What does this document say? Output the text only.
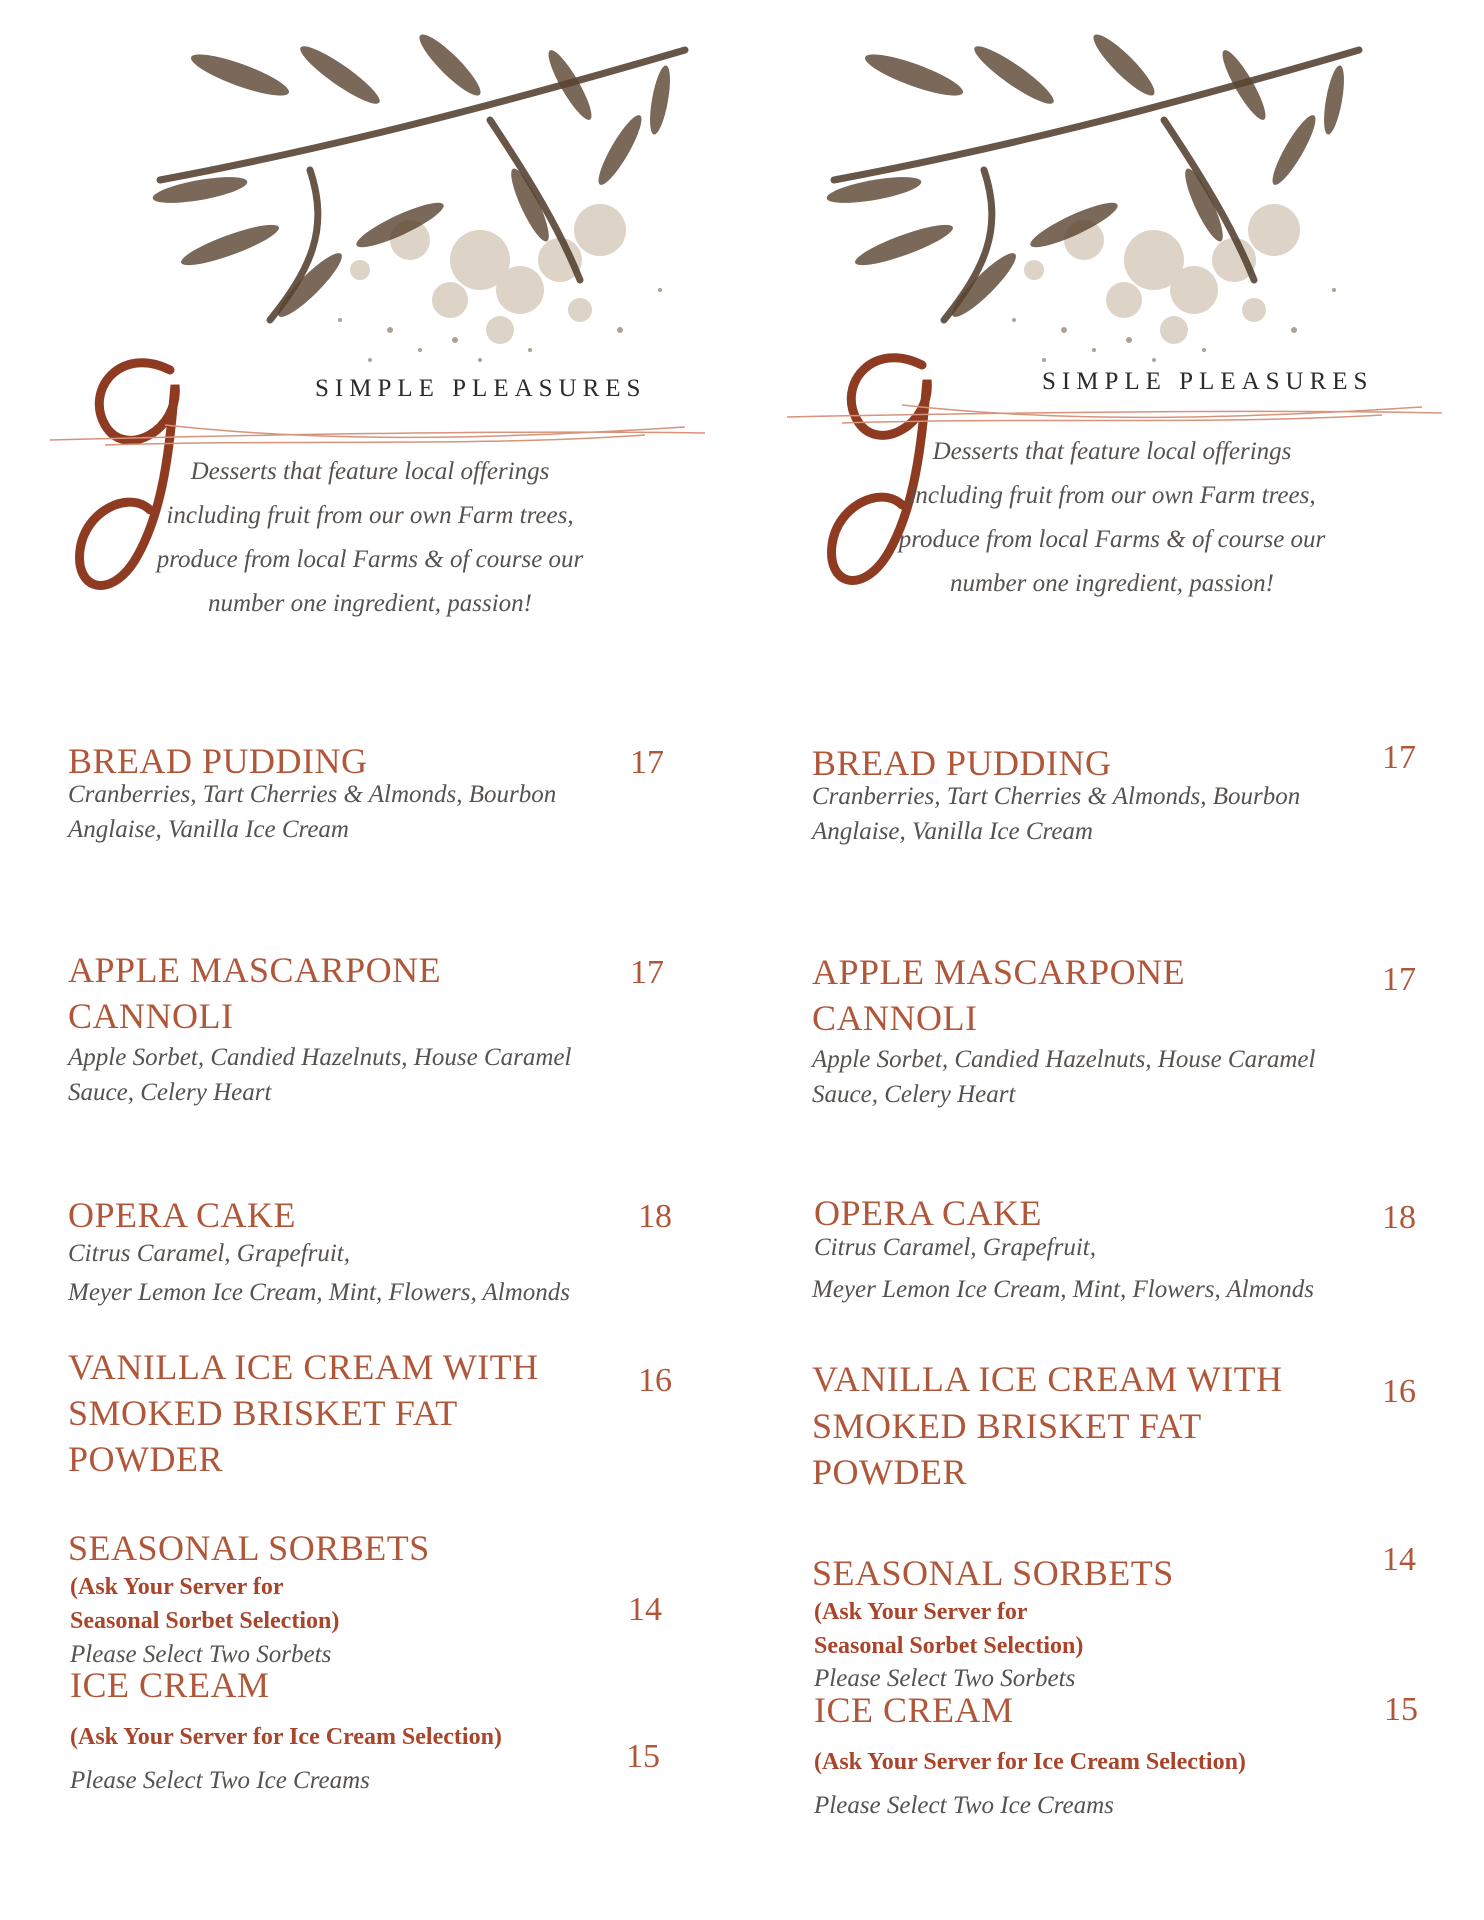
SIMPLE PLEASURES
Desserts that feature local offerings including fruit from our own Farm trees, produce from local Farms & of course our number one ingredient, passion!
BREAD PUDDING	17
Cranberries, Tart Cherries & Almonds, Bourbon
Anglaise, Vanilla Ice Cream
APPLE MASCARPONE
CANNOLI
17
Apple Sorbet, Candied Hazelnuts, House Caramel
Sauce, Celery Heart
OPERA CAKE	18
Citrus Caramel, Grapefruit,
Meyer Lemon Ice Cream, Mint, Flowers, Almonds
VANILLA ICE CREAM WITH
SMOKED BRISKET FAT
POWDER
16
SEASONAL SORBETS
(Ask Your Server for
Seasonal Sorbet Selection)	14
Please Select Two Sorbets
ICE CREAM
(Ask Your Server for Ice Cream Selection)
15
Please Select Two Ice Creams
SIMPLE PLEASURES
Desserts that feature local offerings including fruit from our own Farm trees, produce from local Farms & of course our number one ingredient, passion!
BREAD PUDDING	17
Cranberries, Tart Cherries & Almonds, Bourbon
Anglaise, Vanilla Ice Cream
APPLE MASCARPONE
CANNOLI
17
Apple Sorbet, Candied Hazelnuts, House Caramel
Sauce, Celery Heart
OPERA CAKE	18
Citrus Caramel, Grapefruit,
Meyer Lemon Ice Cream, Mint, Flowers, Almonds
VANILLA ICE CREAM WITH
SMOKED BRISKET FAT
POWDER
16
SEASONAL SORBETS	14
(Ask Your Server for
Seasonal Sorbet Selection)
Please Select Two Sorbets
ICE CREAM	15
(Ask Your Server for Ice Cream Selection)
Please Select Two Ice Creams
